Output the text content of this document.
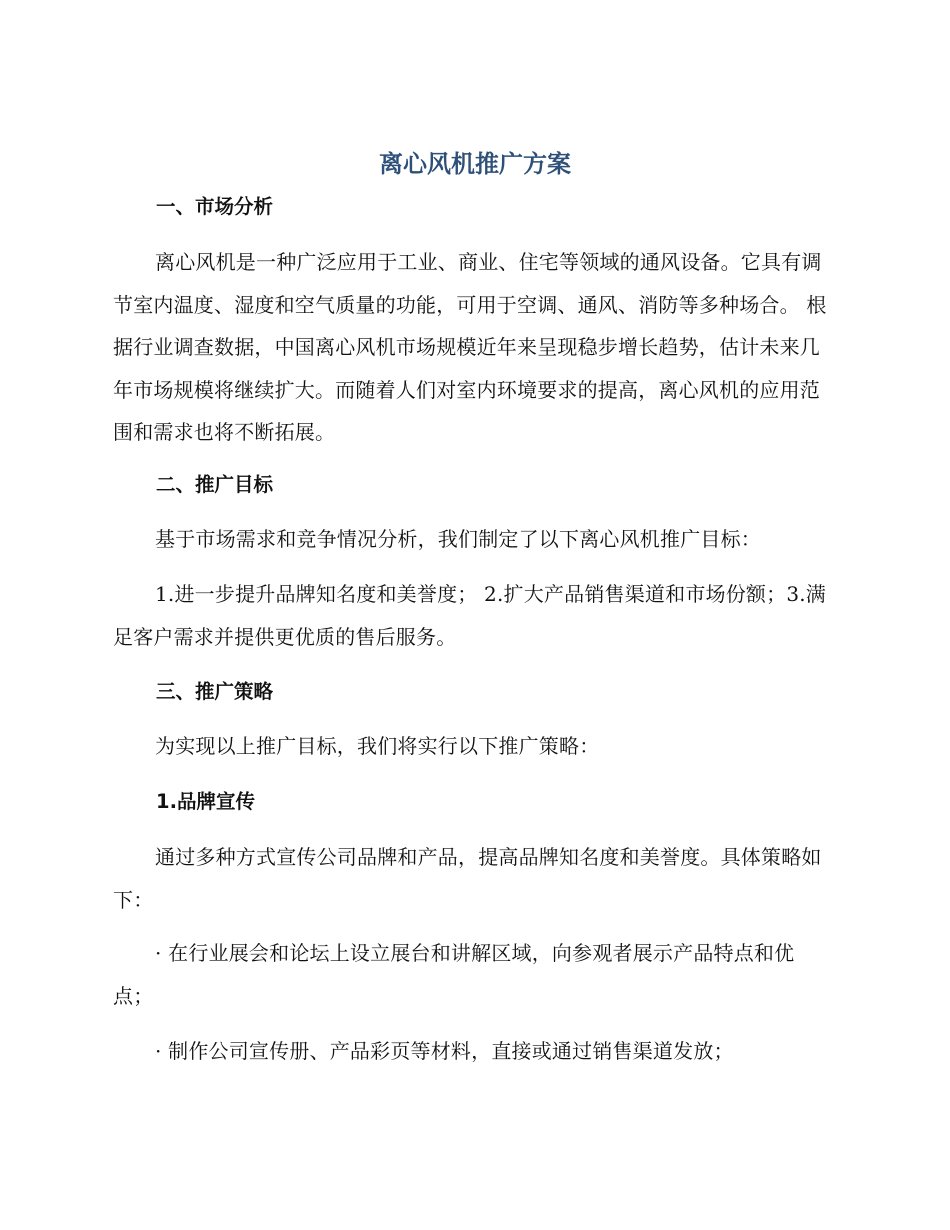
离心风机推广方案
一、市场分析
离心风机是一种广泛应用于工业、商业、住宅等领域的通风设备。它具有调节室内温度、湿度和空气质量的功能，可用于空调、通风、消防等多种场合。 根据行业调查数据，中国离心风机市场规模近年来呈现稳步增长趋势，估计未来几年市场规模将继续扩大。而随着人们对室内环境要求的提高，离心风机的应用范围和需求也将不断拓展。
二、推广目标
基于市场需求和竞争情况分析，我们制定了以下离心风机推广目标：
1.进一步提升品牌知名度和美誉度； 2.扩大产品销售渠道和市场份额；3.满足客户需求并提供更优质的售后服务。
三、推广策略
为实现以上推广目标，我们将实行以下推广策略：
1.品牌宣传
通过多种方式宣传公司品牌和产品，提高品牌知名度和美誉度。具体策略如下：
· 在行业展会和论坛上设立展台和讲解区域，向参观者展示产品特点和优点；
· 制作公司宣传册、产品彩页等材料，直接或通过销售渠道发放；
